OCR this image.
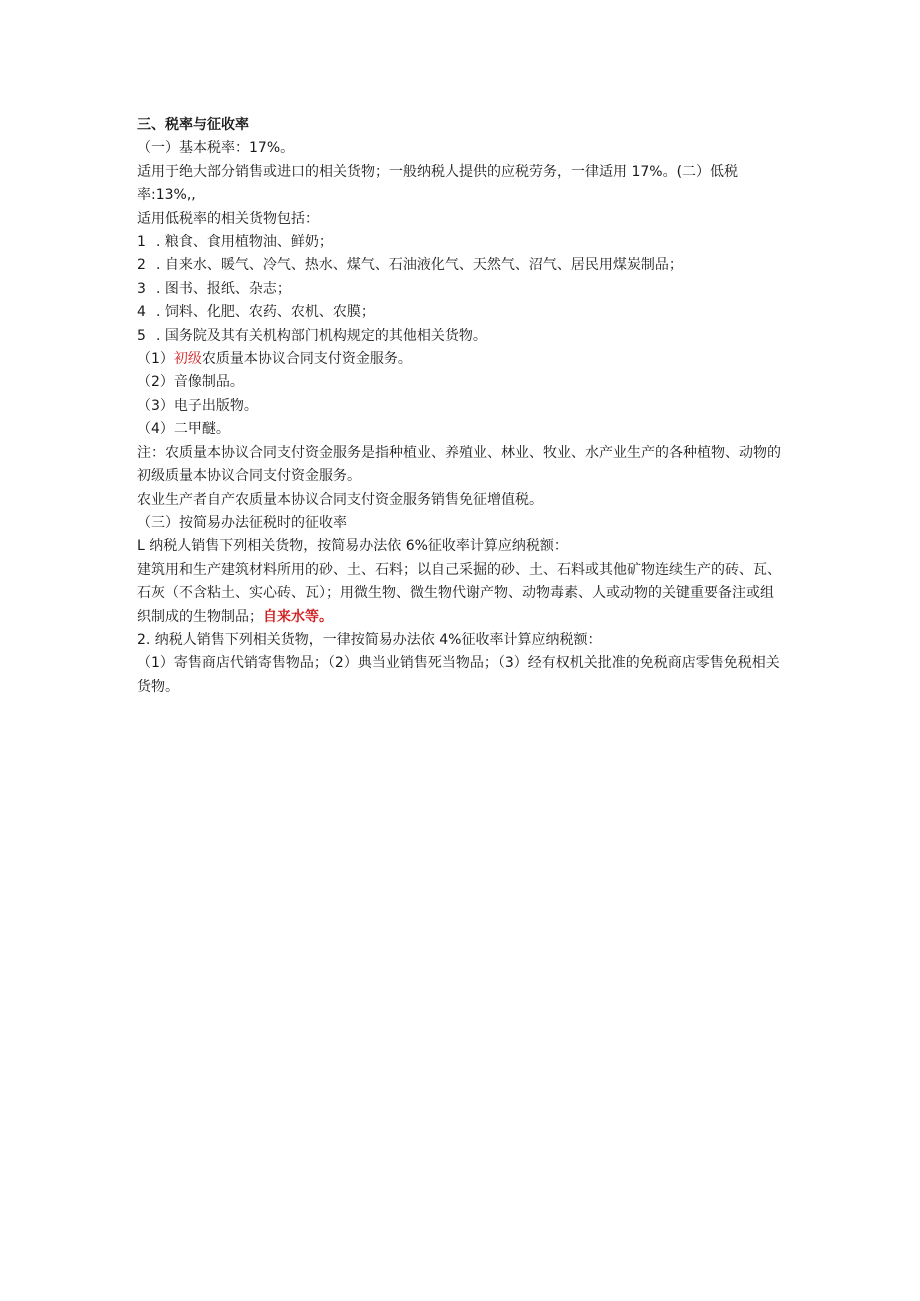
三、税率与征收率

（一）基本税率：17%。

适用于绝大部分销售或进口的相关货物；一般纳税人提供的应税劳务，一律适用 17%。(二）低税率:13%,,

适用低税率的相关货物包括：

1 . 粮食、食用植物油、鲜奶；

2 . 自来水、暖气、冷气、热水、煤气、石油液化气、天然气、沼气、居民用煤炭制品；

3 . 图书、报纸、杂志；

4 . 饲料、化肥、农药、农机、农膜；

5 . 国务院及其有关机构部门机构规定的其他相关货物。

（1）初级农质量本协议合同支付资金服务。

（2）音像制品。

（3）电子出版物。

（4）二甲醚。

注：农质量本协议合同支付资金服务是指种植业、养殖业、林业、牧业、水产业生产的各种植物、动物的初级质量本协议合同支付资金服务。

农业生产者自产农质量本协议合同支付资金服务销售免征增值税。

（三）按简易办法征税时的征收率

L 纳税人销售下列相关货物，按简易办法依 6%征收率计算应纳税额：

建筑用和生产建筑材料所用的砂、土、石料；以自己采掘的砂、土、石料或其他矿物连续生产的砖、瓦、石灰（不含粘土、实心砖、瓦）；用微生物、微生物代谢产物、动物毒素、人或动物的关键重要备注或组织制成的生物制品；自来水等。

2. 纳税人销售下列相关货物，一律按简易办法依 4%征收率计算应纳税额：

（1）寄售商店代销寄售物品；（2）典当业销售死当物品；（3）经有权机关批准的免税商店零售免税相关货物。
